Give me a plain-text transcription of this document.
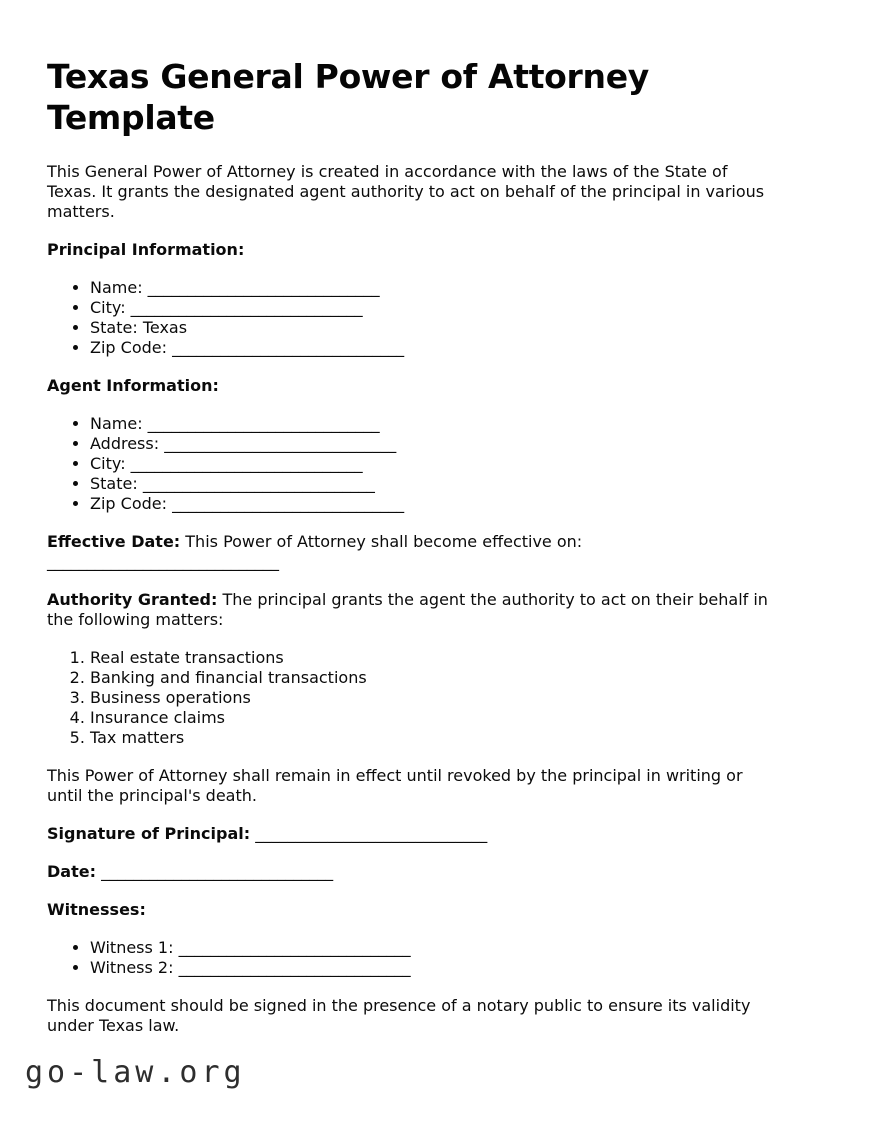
Texas General Power of Attorney Template

This General Power of Attorney is created in accordance with the laws of the State of
Texas. It grants the designated agent authority to act on behalf of the principal in various
matters.

Principal Information:
• Name: _____________________________
• City: _____________________________
• State: Texas
• Zip Code: _____________________________
Agent Information:
• Name: _____________________________
• Address: _____________________________
• City: _____________________________
• State: _____________________________
• Zip Code: _____________________________

Effective Date: This Power of Attorney shall become effective on:
_____________________________

Authority Granted: The principal grants the agent the authority to act on their behalf in
the following matters:

1. Real estate transactions
2. Banking and financial transactions
3. Business operations
4. Insurance claims
5. Tax matters

This Power of Attorney shall remain in effect until revoked by the principal in writing or
until the principal's death.

Signature of Principal: _____________________________

Date: _____________________________

Witnesses:
• Witness 1: _____________________________
• Witness 2: _____________________________

This document should be signed in the presence of a notary public to ensure its validity
under Texas law.

go-law.org
